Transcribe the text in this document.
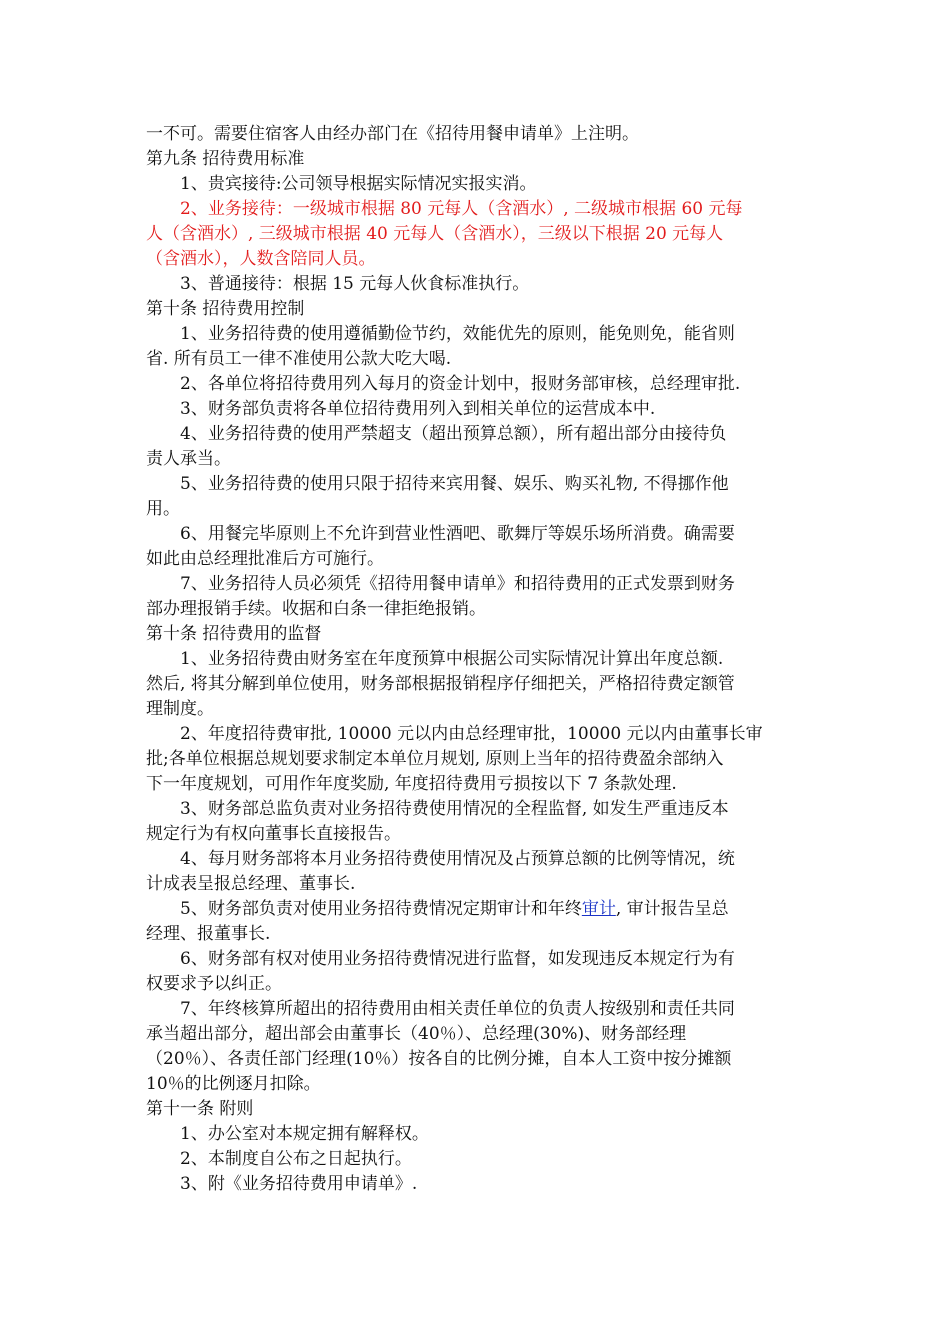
一不可。需要住宿客人由经办部门在《招待用餐申请单》上注明。
第九条 招待费用标准
1、贵宾接待:公司领导根据实际情况实报实消。
2、业务接待：一级城市根据 80 元每人（含酒水）, 二级城市根据 60 元每
人（含酒水）, 三级城市根据 40 元每人（含酒水），三级以下根据 20 元每人
（含酒水），人数含陪同人员。
3、普通接待：根据 15 元每人伙食标准执行。
第十条 招待费用控制
1、业务招待费的使用遵循勤俭节约，效能优先的原则，能免则免，能省则
省. 所有员工一律不准使用公款大吃大喝.
2、各单位将招待费用列入每月的资金计划中，报财务部审核，总经理审批.
3、财务部负责将各单位招待费用列入到相关单位的运营成本中.
4、业务招待费的使用严禁超支（超出预算总额），所有超出部分由接待负
责人承当。
5、业务招待费的使用只限于招待来宾用餐、娱乐、购买礼物, 不得挪作他
用。
6、用餐完毕原则上不允许到营业性酒吧、歌舞厅等娱乐场所消费。确需要
如此由总经理批准后方可施行。
7、业务招待人员必须凭《招待用餐申请单》和招待费用的正式发票到财务
部办理报销手续。收据和白条一律拒绝报销。
第十条 招待费用的监督
1、业务招待费由财务室在年度预算中根据公司实际情况计算出年度总额.
然后, 将其分解到单位使用，财务部根据报销程序仔细把关，严格招待费定额管
理制度。
2、年度招待费审批, 10000 元以内由总经理审批，10000 元以内由董事长审
批;各单位根据总规划要求制定本单位月规划, 原则上当年的招待费盈余部纳入
下一年度规划，可用作年度奖励, 年度招待费用亏损按以下 7 条款处理.
3、财务部总监负责对业务招待费使用情况的全程监督, 如发生严重违反本
规定行为有权向董事长直接报告。
4、每月财务部将本月业务招待费使用情况及占预算总额的比例等情况，统
计成表呈报总经理、董事长.
5、财务部负责对使用业务招待费情况定期审计和年终审计, 审计报告呈总
经理、报董事长.
6、财务部有权对使用业务招待费情况进行监督，如发现违反本规定行为有
权要求予以纠正。
7、年终核算所超出的招待费用由相关责任单位的负责人按级别和责任共同
承当超出部分，超出部会由董事长（40％）、总经理(30%)、财务部经理
（20％）、各责任部门经理(10％）按各自的比例分摊，自本人工资中按分摊额
10％的比例逐月扣除。
第十一条 附则
1、办公室对本规定拥有解释权。
2、本制度自公布之日起执行。
3、附《业务招待费用申请单》.
